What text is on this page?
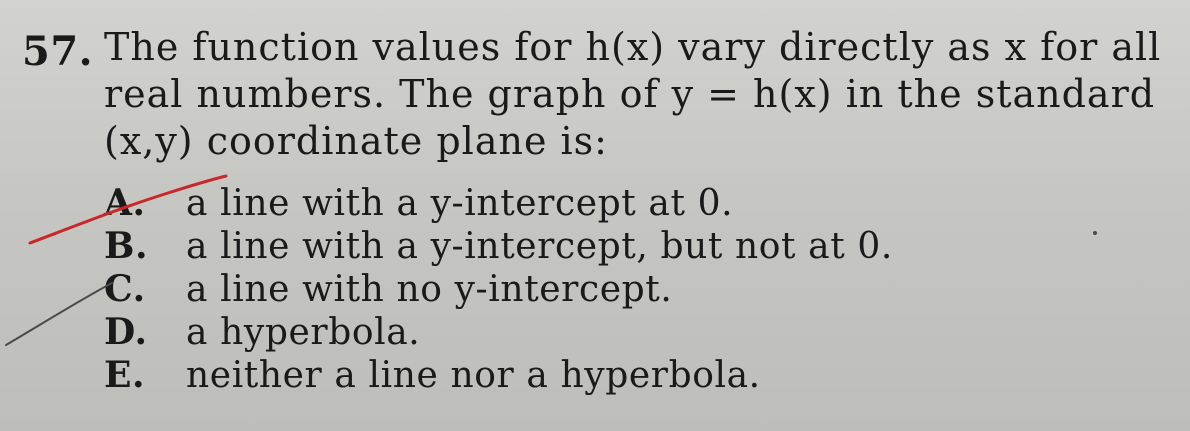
57. The function values for h(x) vary directly as x for all
real numbers. The graph of y = h(x) in the standard
(x,y) coordinate plane is:
A.	a line with a y-intercept at 0.
B.	a line with a y-intercept, but not at 0.
C.	a line with no y-intercept.
D.	a hyperbola.
E.	neither a line nor a hyperbola.
